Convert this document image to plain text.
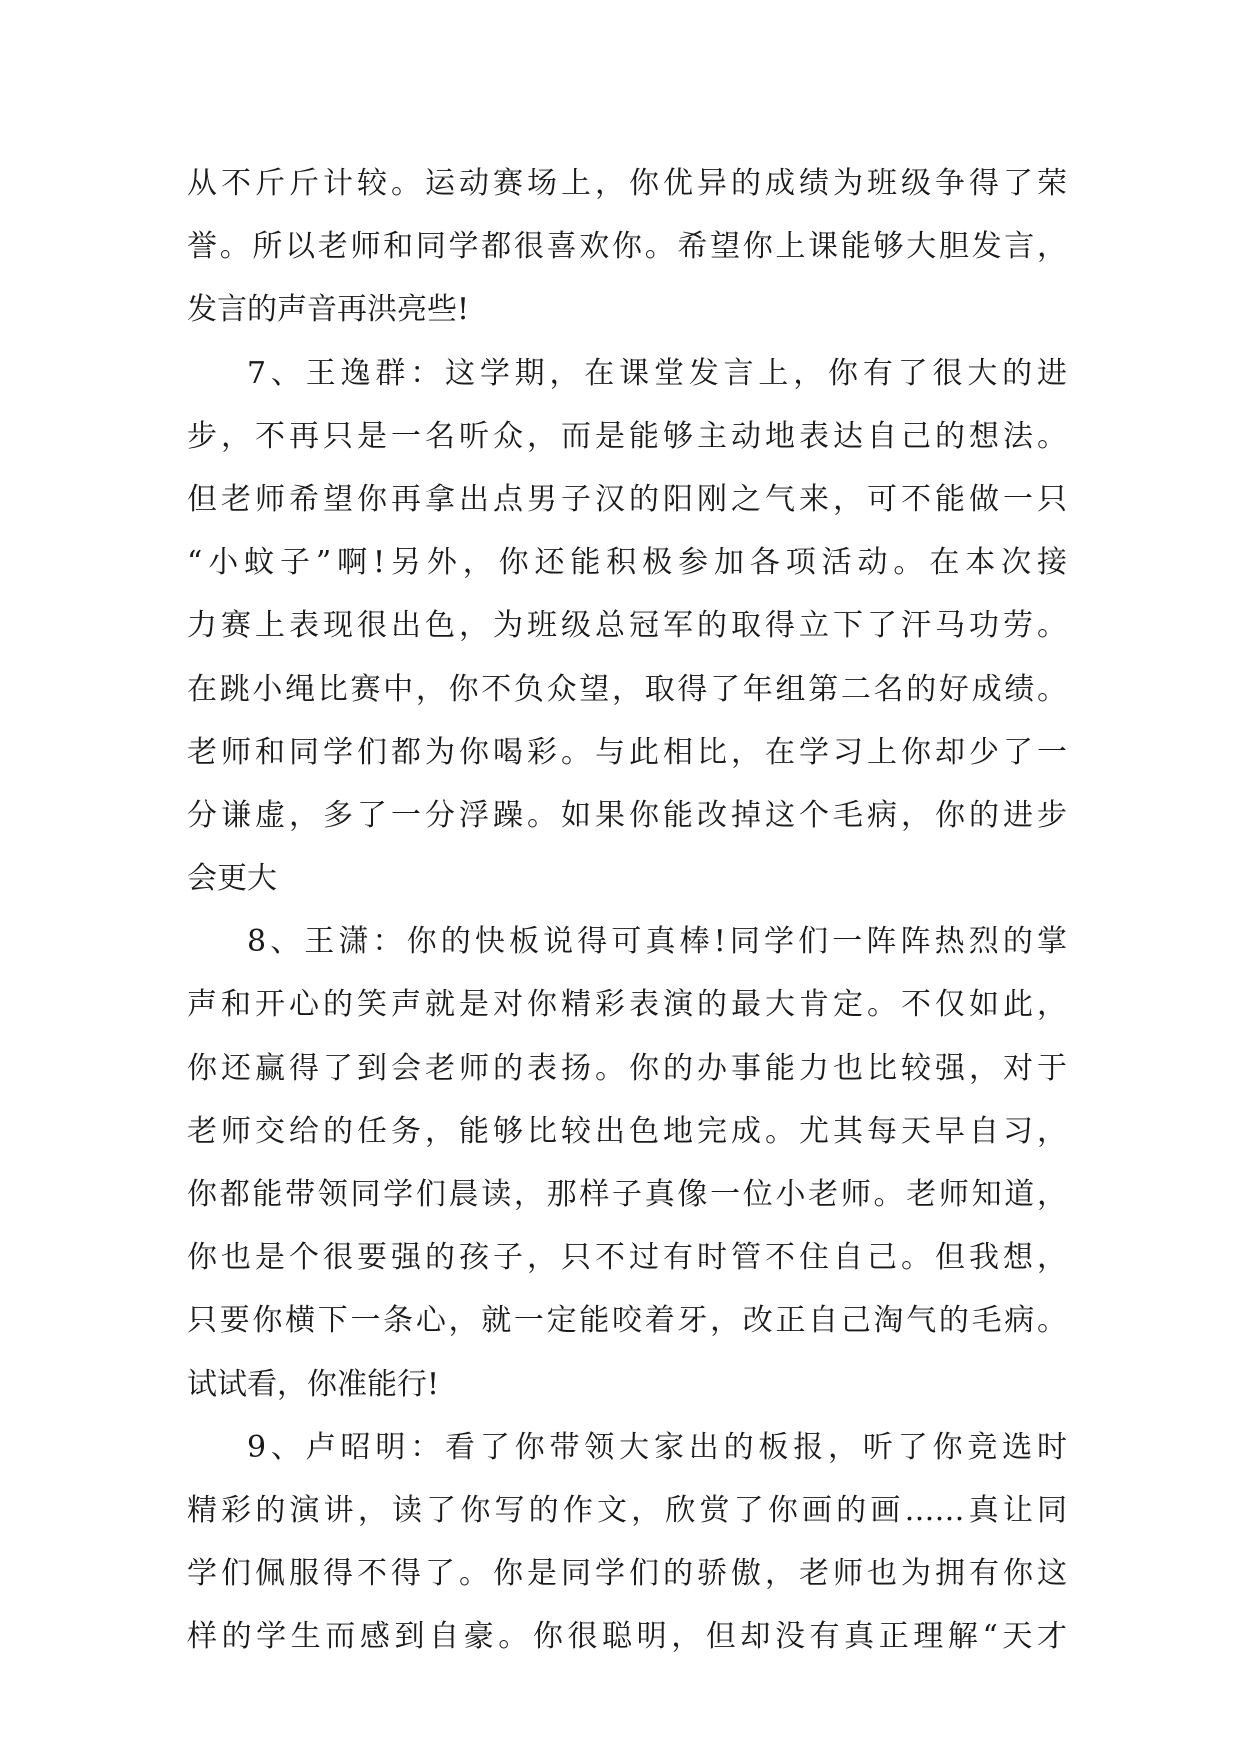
从不斤斤计较。运动赛场上，你优异的成绩为班级争得了荣
誉。所以老师和同学都很喜欢你。希望你上课能够大胆发言，
发言的声音再洪亮些!
7、王逸群：这学期，在课堂发言上，你有了很大的进
步，不再只是一名听众，而是能够主动地表达自己的想法。
但老师希望你再拿出点男子汉的阳刚之气来，可不能做一只
“小蚊子”啊!另外，你还能积极参加各项活动。在本次接
力赛上表现很出色，为班级总冠军的取得立下了汗马功劳。
在跳小绳比赛中，你不负众望，取得了年组第二名的好成绩。
老师和同学们都为你喝彩。与此相比，在学习上你却少了一
分谦虚，多了一分浮躁。如果你能改掉这个毛病，你的进步
会更大
8、王潇：你的快板说得可真棒!同学们一阵阵热烈的掌
声和开心的笑声就是对你精彩表演的最大肯定。不仅如此，
你还赢得了到会老师的表扬。你的办事能力也比较强，对于
老师交给的任务，能够比较出色地完成。尤其每天早自习，
你都能带领同学们晨读，那样子真像一位小老师。老师知道，
你也是个很要强的孩子，只不过有时管不住自己。但我想，
只要你横下一条心，就一定能咬着牙，改正自己淘气的毛病。
试试看，你准能行!
9、卢昭明：看了你带领大家出的板报，听了你竞选时
精彩的演讲，读了你写的作文，欣赏了你画的画……真让同
学们佩服得不得了。你是同学们的骄傲，老师也为拥有你这
样的学生而感到自豪。你很聪明，但却没有真正理解“天才
